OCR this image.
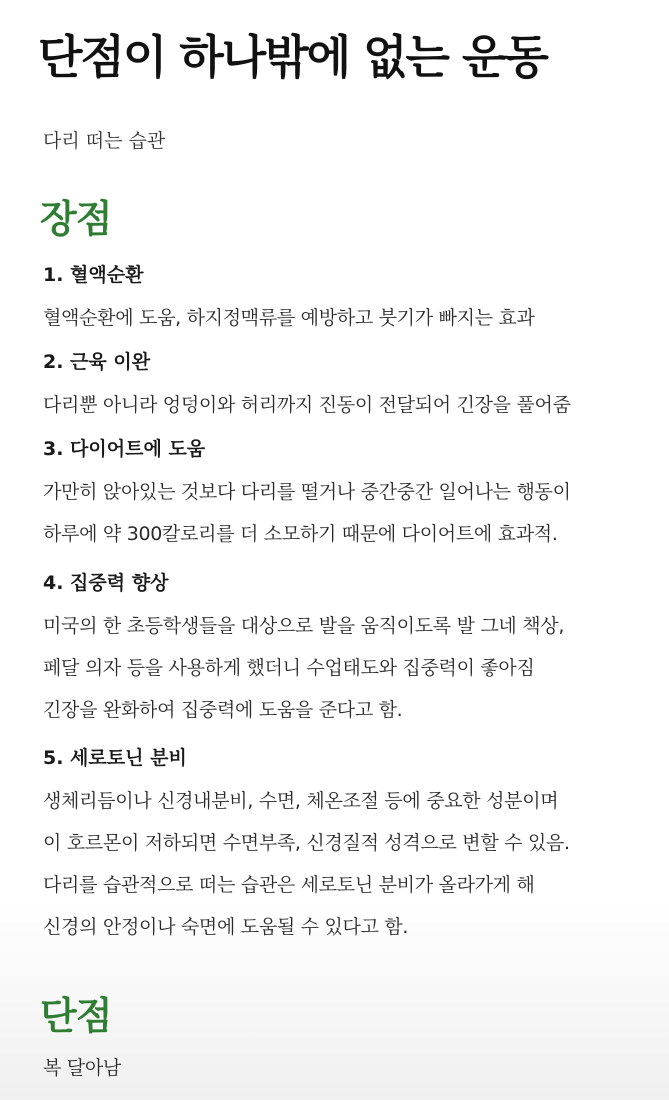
단점이 하나밖에 없는 운동
다리 떠는 습관
장점
1. 혈액순환
혈액순환에 도움, 하지정맥류를 예방하고 붓기가 빠지는 효과
2. 근육 이완
다리뿐 아니라 엉덩이와 허리까지 진동이 전달되어 긴장을 풀어줌
3. 다이어트에 도움
가만히 앉아있는 것보다 다리를 떨거나 중간중간 일어나는 행동이
하루에 약 300칼로리를 더 소모하기 때문에 다이어트에 효과적.
4. 집중력 향상
미국의 한 초등학생들을 대상으로 발을 움직이도록 발 그네 책상,
페달 의자 등을 사용하게 했더니 수업태도와 집중력이 좋아짐
긴장을 완화하여 집중력에 도움을 준다고 함.
5. 세로토닌 분비
생체리듬이나 신경내분비, 수면, 체온조절 등에 중요한 성분이며
이 호르몬이 저하되면 수면부족, 신경질적 성격으로 변할 수 있음.
다리를 습관적으로 떠는 습관은 세로토닌 분비가 올라가게 해
신경의 안정이나 숙면에 도움될 수 있다고 함.
단점
복 달아남
